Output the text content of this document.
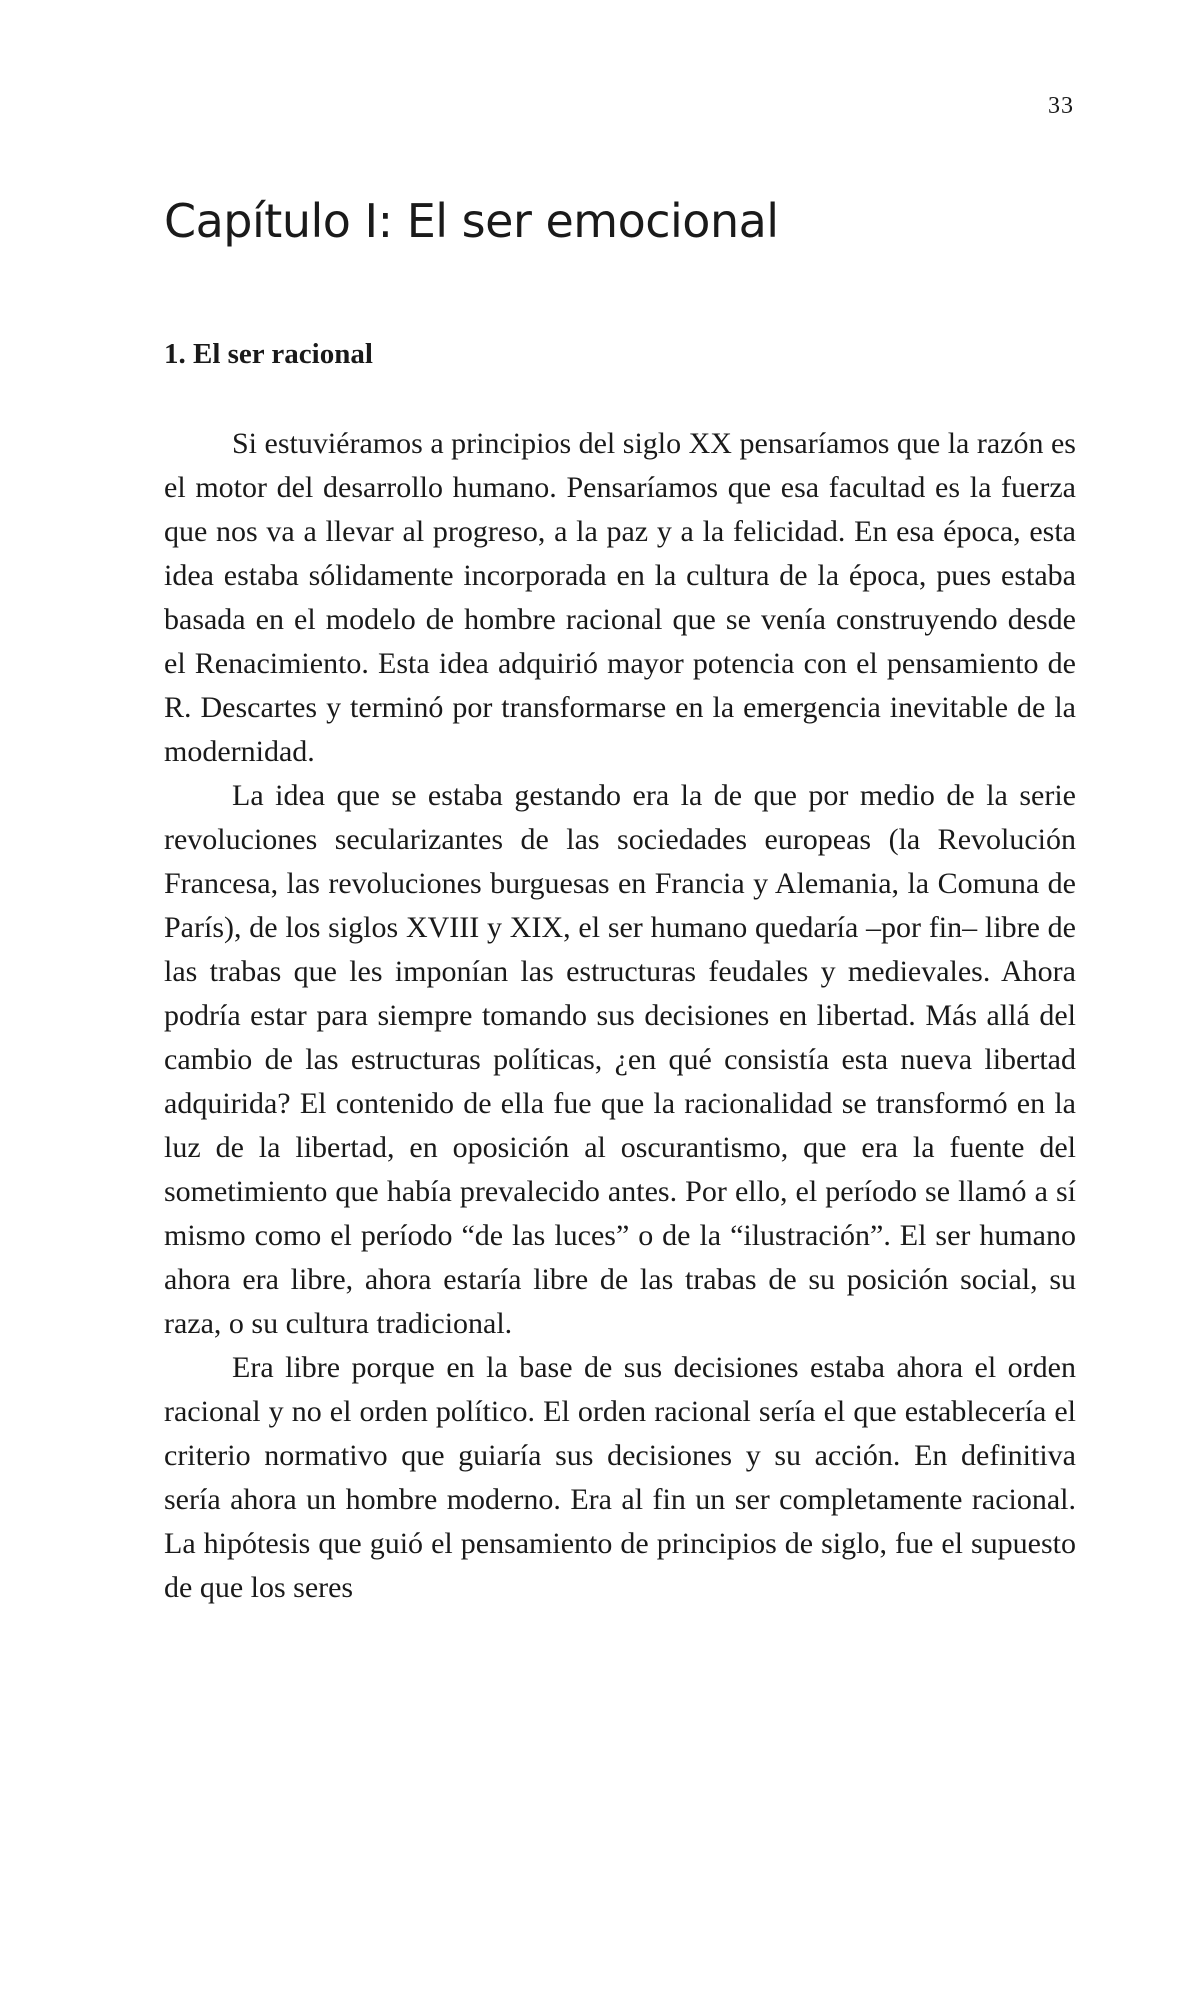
33
Capítulo I: El ser emocional
1. El ser racional

Si estuviéramos a principios del siglo XX pensaríamos que la razón es el motor del desarrollo humano. Pensaríamos que esa facultad es la fuerza que nos va a llevar al progreso, a la paz y a la felicidad. En esa época, esta idea estaba sólidamente incorporada en la cultura de la época, pues estaba basada en el modelo de hombre racional que se venía construyendo desde el Renacimiento. Esta idea adquirió mayor potencia con el pensamiento de R. Descartes y terminó por transformarse en la emergencia inevitable de la modernidad.

La idea que se estaba gestando era la de que por medio de la serie revoluciones secularizantes de las sociedades europeas (la Revolución Francesa, las revoluciones burguesas en Francia y Alemania, la Comuna de París), de los siglos XVIII y XIX, el ser humano quedaría –por fin– libre de las trabas que les imponían las estructuras feudales y medievales. Ahora podría estar para siempre tomando sus decisiones en libertad. Más allá del cambio de las estructuras políticas, ¿en qué consistía esta nueva libertad adquirida? El contenido de ella fue que la racionalidad se transformó en la luz de la libertad, en oposición al oscurantismo, que era la fuente del sometimiento que había prevalecido antes. Por ello, el período se llamó a sí mismo como el período “de las luces” o de la “ilustración”. El ser humano ahora era libre, ahora estaría libre de las trabas de su posición social, su raza, o su cultura tradicional.

Era libre porque en la base de sus decisiones estaba ahora el orden racional y no el orden político. El orden racional sería el que establecería el criterio normativo que guiaría sus decisiones y su acción. En definitiva sería ahora un hombre moderno. Era al fin un ser completamente racional. La hipótesis que guió el pensamiento de principios de siglo, fue el supuesto de que los seres
